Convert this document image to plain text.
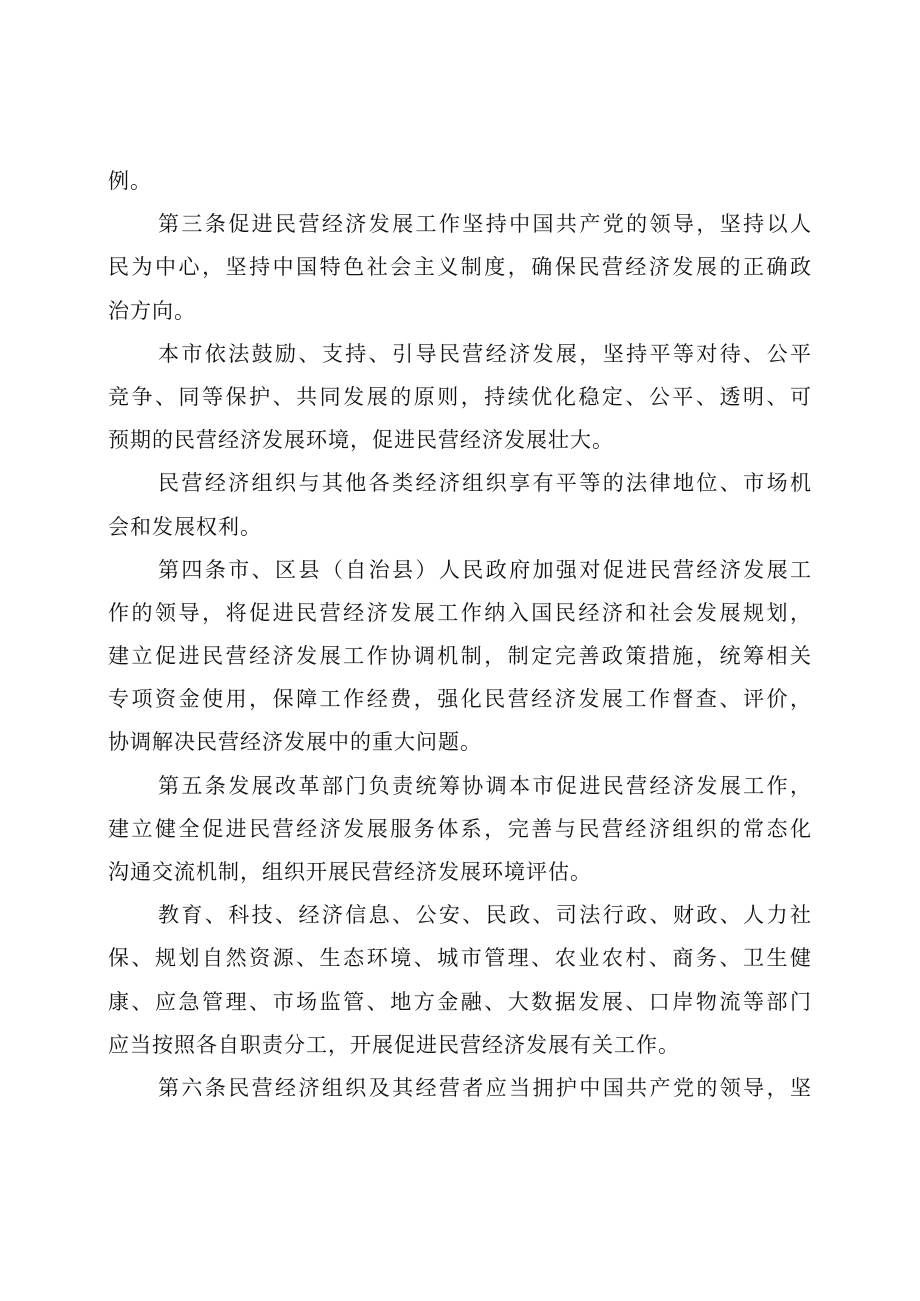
例。
第三条促进民营经济发展工作坚持中国共产党的领导，坚持以人
民为中心，坚持中国特色社会主义制度，确保民营经济发展的正确政
治方向。
本市依法鼓励、支持、引导民营经济发展，坚持平等对待、公平
竞争、同等保护、共同发展的原则，持续优化稳定、公平、透明、可
预期的民营经济发展环境，促进民营经济发展壮大。
民营经济组织与其他各类经济组织享有平等的法律地位、市场机
会和发展权利。
第四条市、区县（自治县）人民政府加强对促进民营经济发展工
作的领导，将促进民营经济发展工作纳入国民经济和社会发展规划，
建立促进民营经济发展工作协调机制，制定完善政策措施，统筹相关
专项资金使用，保障工作经费，强化民营经济发展工作督查、评价，
协调解决民营经济发展中的重大问题。
第五条发展改革部门负责统筹协调本市促进民营经济发展工作，
建立健全促进民营经济发展服务体系，完善与民营经济组织的常态化
沟通交流机制，组织开展民营经济发展环境评估。
教育、科技、经济信息、公安、民政、司法行政、财政、人力社
保、规划自然资源、生态环境、城市管理、农业农村、商务、卫生健
康、应急管理、市场监管、地方金融、大数据发展、口岸物流等部门
应当按照各自职责分工，开展促进民营经济发展有关工作。
第六条民营经济组织及其经营者应当拥护中国共产党的领导，坚
